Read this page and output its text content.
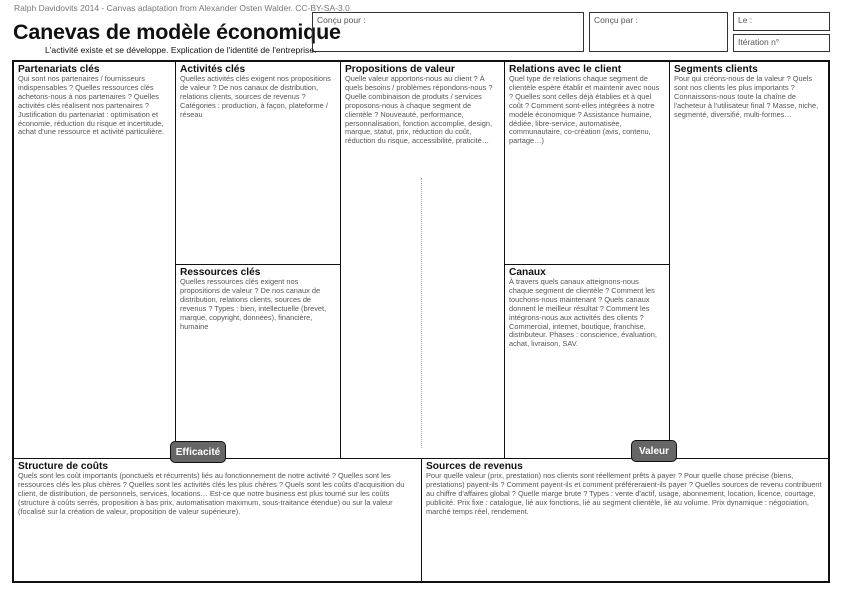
Ralph Davidovits 2014 - Canvas adaptation from Alexander Osten Walder. CC-BY-SA-3.0
Canevas de modèle économique
L'activité existe et se développe. Explication de l'identité de l'entreprise.
Conçu pour :	Conçu par :	Le :
Itération n°
Partenariats clés

Qui sont nos partenaires / fournisseurs indispensables ? Quelles ressources clés achetons-nous à nos partenaires ? Quelles activités clés réalisent nos partenaires ? Justification du partenariat : optimisation et économie, réduction du risque et incertitude, achat d'une ressource et activité particulière.

Activités clés

Quelles activités clés exigent nos propositions de valeur ? De nos canaux de distribution, relations clients, sources de revenus ? Catégories : production, à façon, plateforme / réseau

Ressources clés

Quelles ressources clés exigent nos propositions de valeur ? De nos canaux de distribution, relations clients, sources de revenus ? Types : bien, intellectuelle (brevet, marque, copyright, données), financière, humaine

Propositions de valeur

Quelle valeur apportons-nous au client ? À quels besoins / problèmes répondons-nous ? Quelle combinaison de produits / services proposons-nous à chaque segment de clientèle ? Nouveauté, performance, personnalisation, fonction accomplie, design, marque, statut, prix, réduction du coût, réduction du risque, accessibilité, praticité…

Relations avec le client

Quel type de relations chaque segment de clientèle espère établir et maintenir avec nous ? Quelles sont celles déjà établies et à quel coût ? Comment sont-elles intégrées à notre modèle économique ? Assistance humaine, dédiée, libre-service, automatisée, communautaire, co-création (avis, contenu, partage…)

Canaux

À travers quels canaux atteignons-nous chaque segment de clientèle ? Comment les touchons-nous maintenant ? Quels canaux donnent le meilleur résultat ? Comment les intégrons-nous aux activités des clients ? Commercial, internet, boutique, franchise, distributeur. Phases : conscience, évaluation, achat, livraison, SAV.

Segments clients

Pour qui créons-nous de la valeur ? Quels sont nos clients les plus importants ? Connaissons-nous toute la chaîne de l'acheteur à l'utilisateur final ? Masse, niche, segmenté, diversifié, multi-formes…

Structure de coûts

Quels sont les coût importants (ponctuels et récurrents) liés au fonctionnement de notre activité ? Quelles sont les ressources clés les plus chères ? Quelles sont les activités clés les plus chères ? Quels sont les coûts d'acquisition du client, de distribution, de personnels, services, locations… Est-ce que notre business est plus tourné sur les coûts (structure à coûts serrés, proposition à bas prix, automatisation maximum, sous-traitance étendue) ou sur la valeur (focalisé sur la création de valeur, proposition de valeur supérieure).

Sources de revenus

Pour quelle valeur (prix, prestation) nos clients sont réellement prêts à payer ? Pour quelle chose précise (biens, prestations) payent-ils ? Comment payent-ils et comment préféreraient-ils payer ? Quelles sources de revenu contribuent au chiffre d'affaires global ? Quelle marge brute ? Types : vente d'actif, usage, abonnement, location, licence, courtage, publicité. Prix fixe : catalogue, lié aux fonctions, lié au segment clientèle, lié au volume. Prix dynamique : négociation, marché temps réel, rendement.

Efficacité	Valeur
